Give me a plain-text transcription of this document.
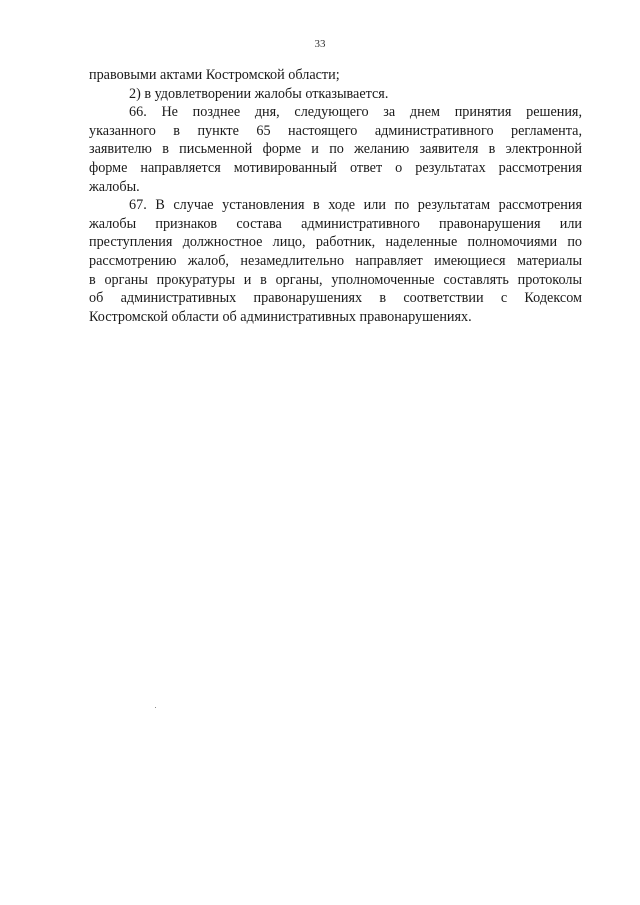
33
правовыми актами Костромской области;
2) в удовлетворении жалобы отказывается.
66. Не позднее дня, следующего за днем принятия решения,
указанного в пункте 65 настоящего административного регламента,
заявителю в письменной форме и по желанию заявителя в электронной
форме направляется мотивированный ответ о результатах рассмотрения
жалобы.
67. В случае установления в ходе или по результатам рассмотрения
жалобы признаков состава административного правонарушения или
преступления должностное лицо, работник, наделенные полномочиями по
рассмотрению жалоб, незамедлительно направляет имеющиеся материалы
в органы прокуратуры и в органы, уполномоченные составлять протоколы
об административных правонарушениях в соответствии с Кодексом
Костромской области об административных правонарушениях.
